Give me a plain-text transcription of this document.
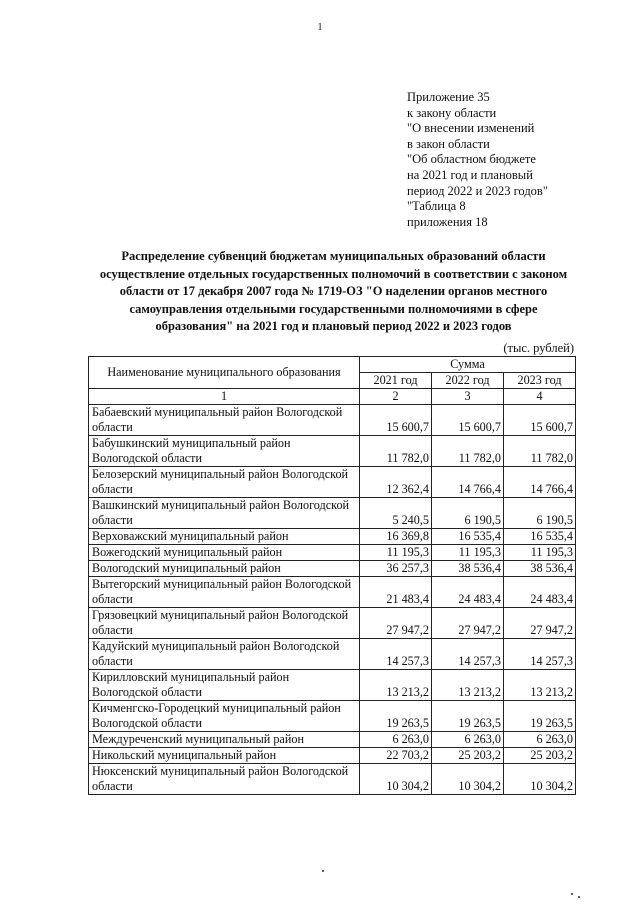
1
Приложение 35
к закону области
"О внесении изменений
в закон области
"Об областном бюджете
на 2021 год и плановый
период 2022 и 2023 годов"
"Таблица 8
приложения 18
Распределение субвенций бюджетам муниципальных образований области осуществление отдельных государственных полномочий в соответствии с законом области от 17 декабря 2007 года № 1719-ОЗ "О наделении органов местного самоуправления отдельными государственными полномочиями в сфере образования" на 2021 год и плановый период 2022 и 2023 годов
(тыс. рублей)
Наименование муниципального образования	Сумма		
	2021 год	2022 год	2023 год
1	2	3	4
Бабаевский муниципальный район Вологодской области	15 600,7	15 600,7	15 600,7
Бабушкинский муниципальный район Вологодской области	11 782,0	11 782,0	11 782,0
Белозерский муниципальный район Вологодской области	12 362,4	14 766,4	14 766,4
Вашкинский муниципальный район Вологодской области	5 240,5	6 190,5	6 190,5
Верховажский муниципальный район	16 369,8	16 535,4	16 535,4
Вожегодский муниципальный район	11 195,3	11 195,3	11 195,3
Вологодский муниципальный район	36 257,3	38 536,4	38 536,4
Вытегорский муниципальный район Вологодской области	21 483,4	24 483,4	24 483,4
Грязовецкий муниципальный район Вологодской области	27 947,2	27 947,2	27 947,2
Кадуйский муниципальный район Вологодской области	14 257,3	14 257,3	14 257,3
Кирилловский муниципальный район Вологодской области	13 213,2	13 213,2	13 213,2
Кичменгско-Городецкий муниципальный район Вологодской области	19 263,5	19 263,5	19 263,5
Междуреченский муниципальный район	6 263,0	6 263,0	6 263,0
Никольский муниципальный район	22 703,2	25 203,2	25 203,2
Нюксенский муниципальный район Вологодской области	10 304,2	10 304,2	10 304,2
